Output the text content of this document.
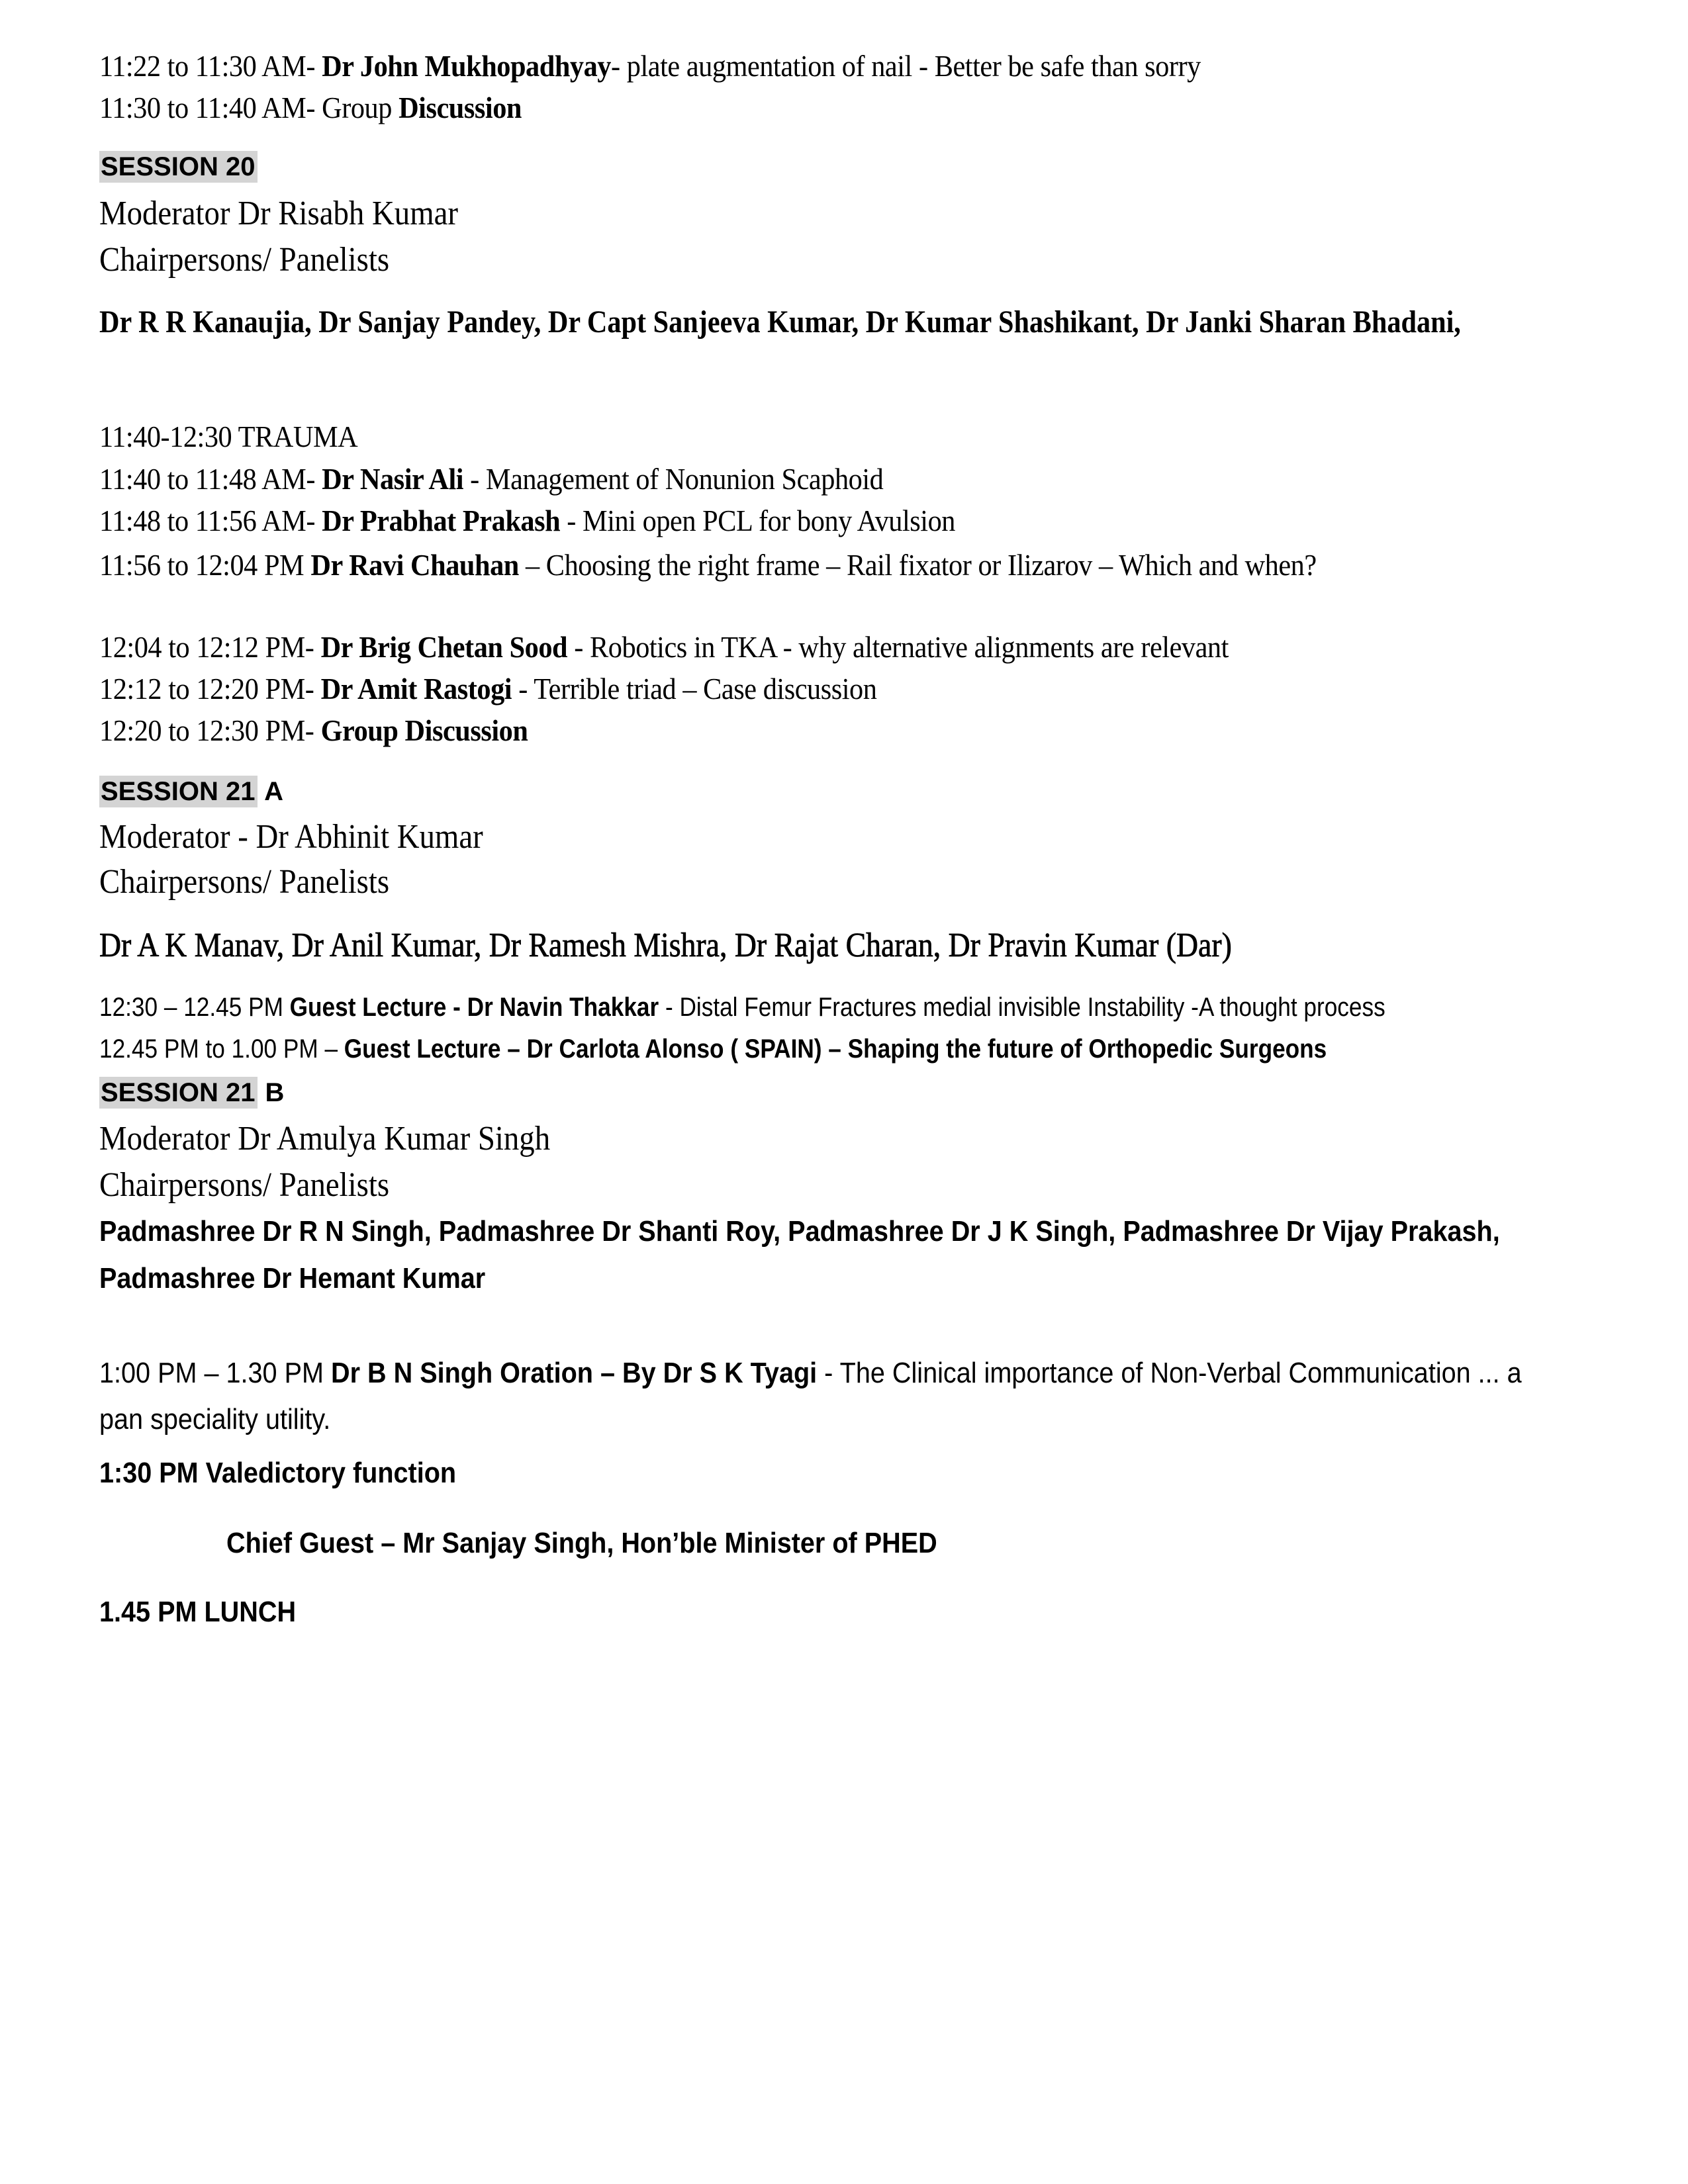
11:22 to 11:30 AM- Dr John Mukhopadhyay- plate augmentation of nail - Better be safe than sorry
11:30 to 11:40 AM- Group Discussion
SESSION 20
Moderator Dr Risabh Kumar
Chairpersons/ Panelists
Dr R R Kanaujia, Dr Sanjay Pandey, Dr Capt Sanjeeva Kumar, Dr Kumar Shashikant, Dr Janki Sharan Bhadani,
11:40-12:30 TRAUMA
11:40 to 11:48 AM- Dr Nasir Ali - Management of Nonunion Scaphoid
11:48 to 11:56 AM- Dr Prabhat Prakash - Mini open PCL for bony Avulsion
11:56 to 12:04 PM Dr Ravi Chauhan – Choosing the right frame – Rail fixator or Ilizarov – Which and when?
12:04 to 12:12 PM- Dr Brig Chetan Sood - Robotics in TKA - why alternative alignments are relevant
12:12 to 12:20 PM- Dr Amit Rastogi - Terrible triad – Case discussion
12:20 to 12:30 PM- Group Discussion
SESSION 21 A
Moderator - Dr Abhinit Kumar
Chairpersons/ Panelists
Dr A K Manav, Dr Anil Kumar, Dr Ramesh Mishra, Dr Rajat Charan, Dr Pravin Kumar (Dar)
12:30 – 12.45 PM Guest Lecture - Dr Navin Thakkar - Distal Femur Fractures medial invisible Instability -A thought process
12.45 PM to 1.00 PM – Guest Lecture – Dr Carlota Alonso ( SPAIN) – Shaping the future of Orthopedic Surgeons
SESSION 21 B
Moderator Dr Amulya Kumar Singh
Chairpersons/ Panelists
Padmashree Dr R N Singh, Padmashree Dr Shanti Roy, Padmashree Dr J K Singh, Padmashree Dr Vijay Prakash,
Padmashree Dr Hemant Kumar
1:00 PM – 1.30 PM Dr B N Singh Oration – By Dr S K Tyagi - The Clinical importance of Non-Verbal Communication ... a pan speciality utility.
1:30 PM Valedictory function
Chief Guest – Mr Sanjay Singh, Hon’ble Minister of PHED
1.45 PM LUNCH
